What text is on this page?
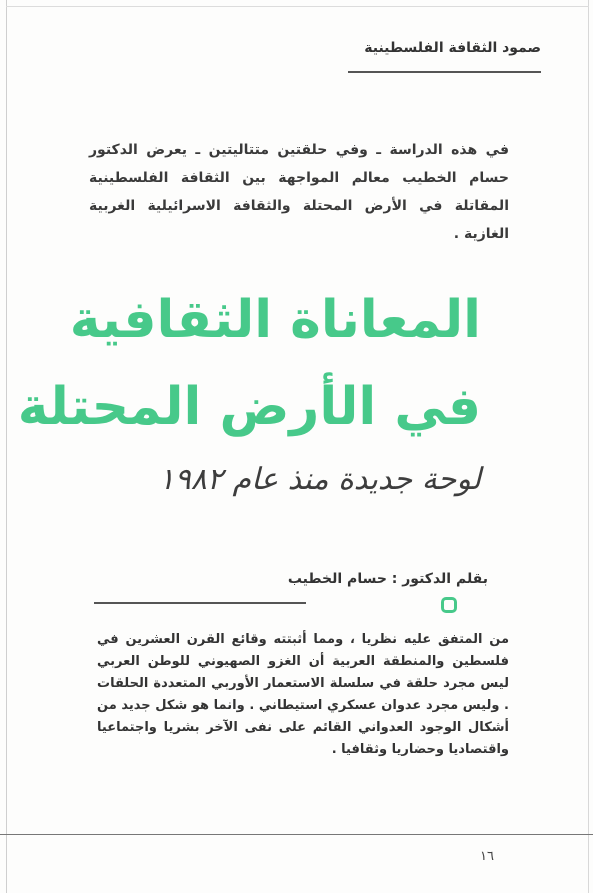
صمود الثقافة الفلسطينية
في هذه الدراسة ـ وفي حلقتين متتاليتين ـ يعرض الدكتور حسام الخطيب معالم المواجهة بين الثقافة الفلسطينية المقاتلة في الأرض المحتلة والثقافة الاسرائيلية الغربية الغازية .
المعاناة الثقافية
في الأرض المحتلة
لوحة جديدة منذ عام ١٩٨٢
بقلم الدكتور : حسام الخطيب
من المتفق عليه نظريا ، ومما أثبتته وقائع القرن العشرين في فلسطين والمنطقة العربية أن الغزو الصهيوني للوطن العربي ليس مجرد حلقة في سلسلة الاستعمار الأوربي المتعددة الحلقات . وليس مجرد عدوان عسكري استيطاني . وانما هو شكل جديد من أشكال الوجود العدواني القائم على نفى الآخر بشريا واجتماعيا واقتصاديا وحضاريا وثقافيا .
١٦
